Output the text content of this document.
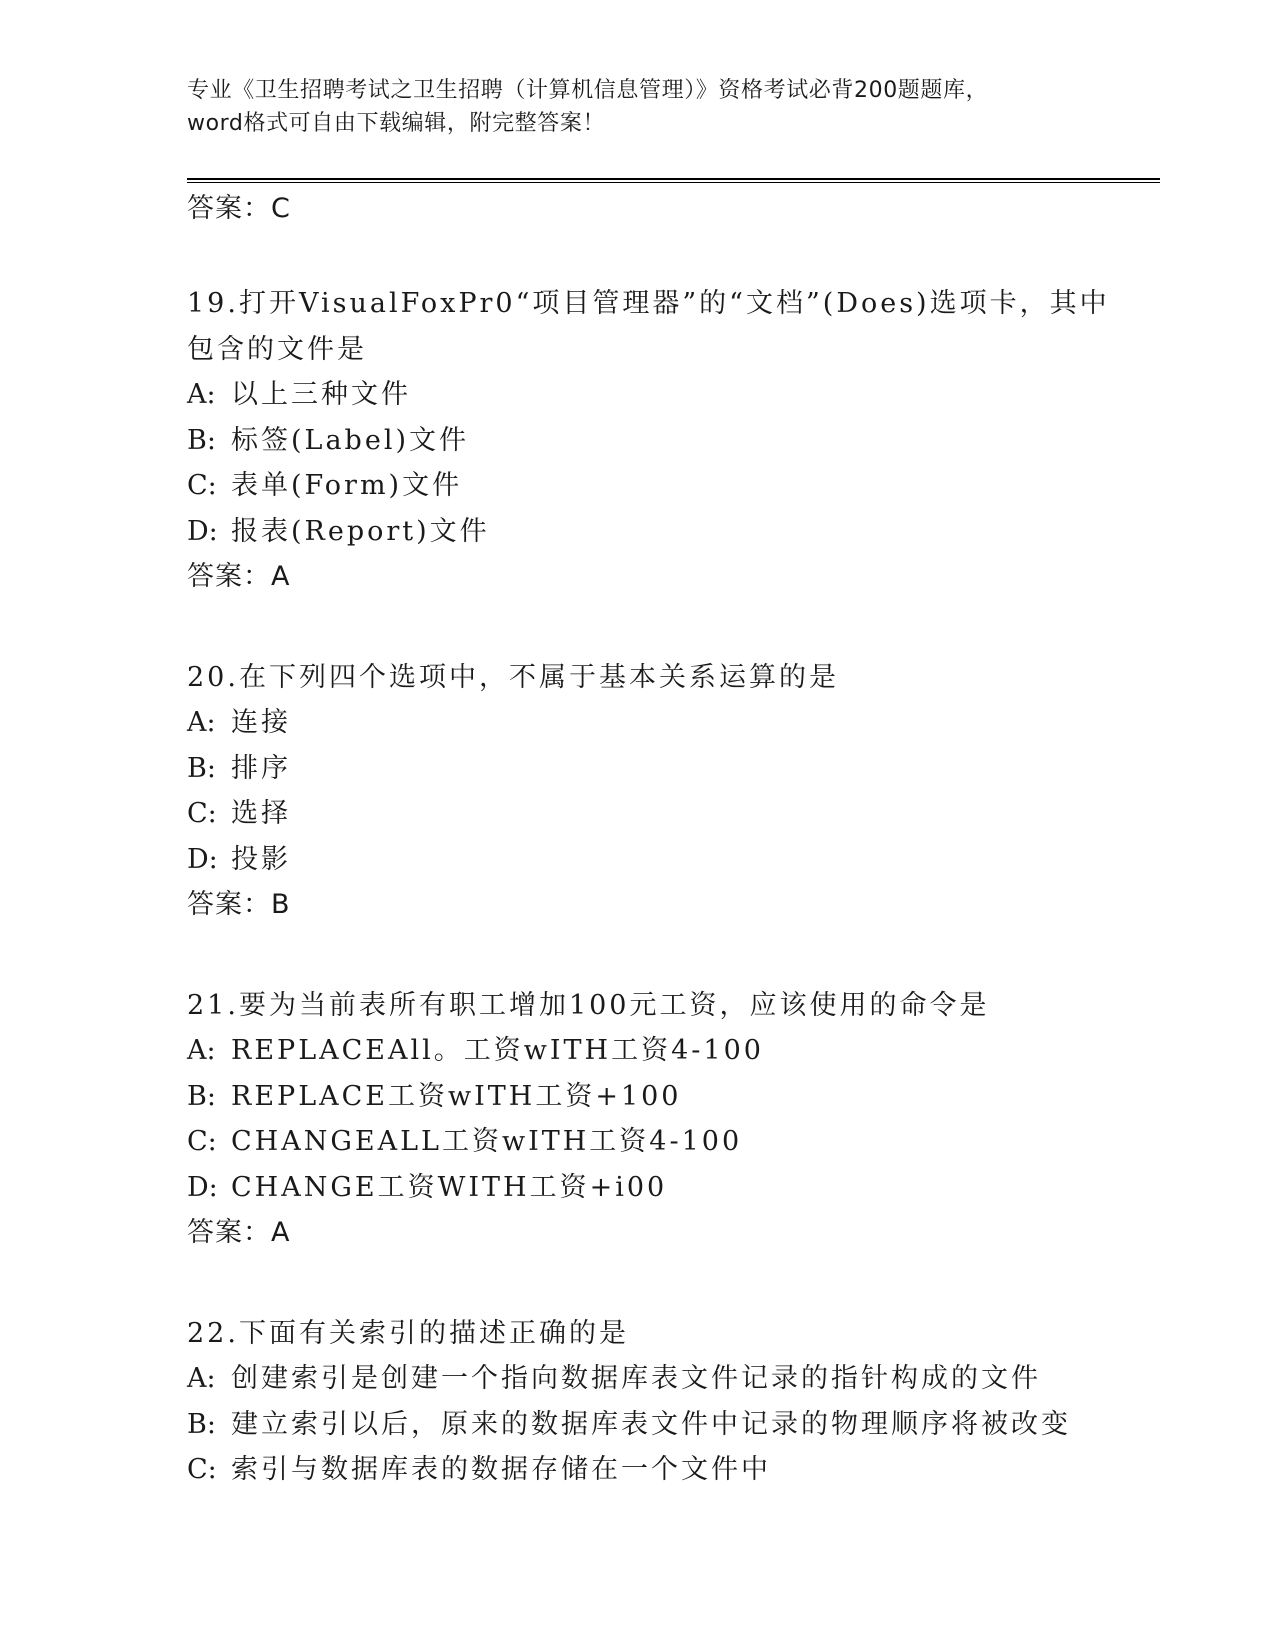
专业《卫生招聘考试之卫生招聘（计算机信息管理）》资格考试必背200题题库，
word格式可自由下载编辑，附完整答案！
答案：C
19.打开VisualFoxPr0“项目管理器”的“文档”(Does)选项卡，其中
包含的文件是
A: 以上三种文件
B: 标签(Label)文件
C: 表单(Form)文件
D: 报表(Report)文件
答案：A
20.在下列四个选项中，不属于基本关系运算的是
A: 连接
B: 排序
C: 选择
D: 投影
答案：B
21.要为当前表所有职工增加100元工资，应该使用的命令是
A: REPLACEAll。工资wITH工资4-100
B: REPLACE工资wITH工资+100
C: CHANGEALL工资wITH工资4-100
D: CHANGE工资WITH工资+i00
答案：A
22.下面有关索引的描述正确的是
A: 创建索引是创建一个指向数据库表文件记录的指针构成的文件
B: 建立索引以后，原来的数据库表文件中记录的物理顺序将被改变
C: 索引与数据库表的数据存储在一个文件中
